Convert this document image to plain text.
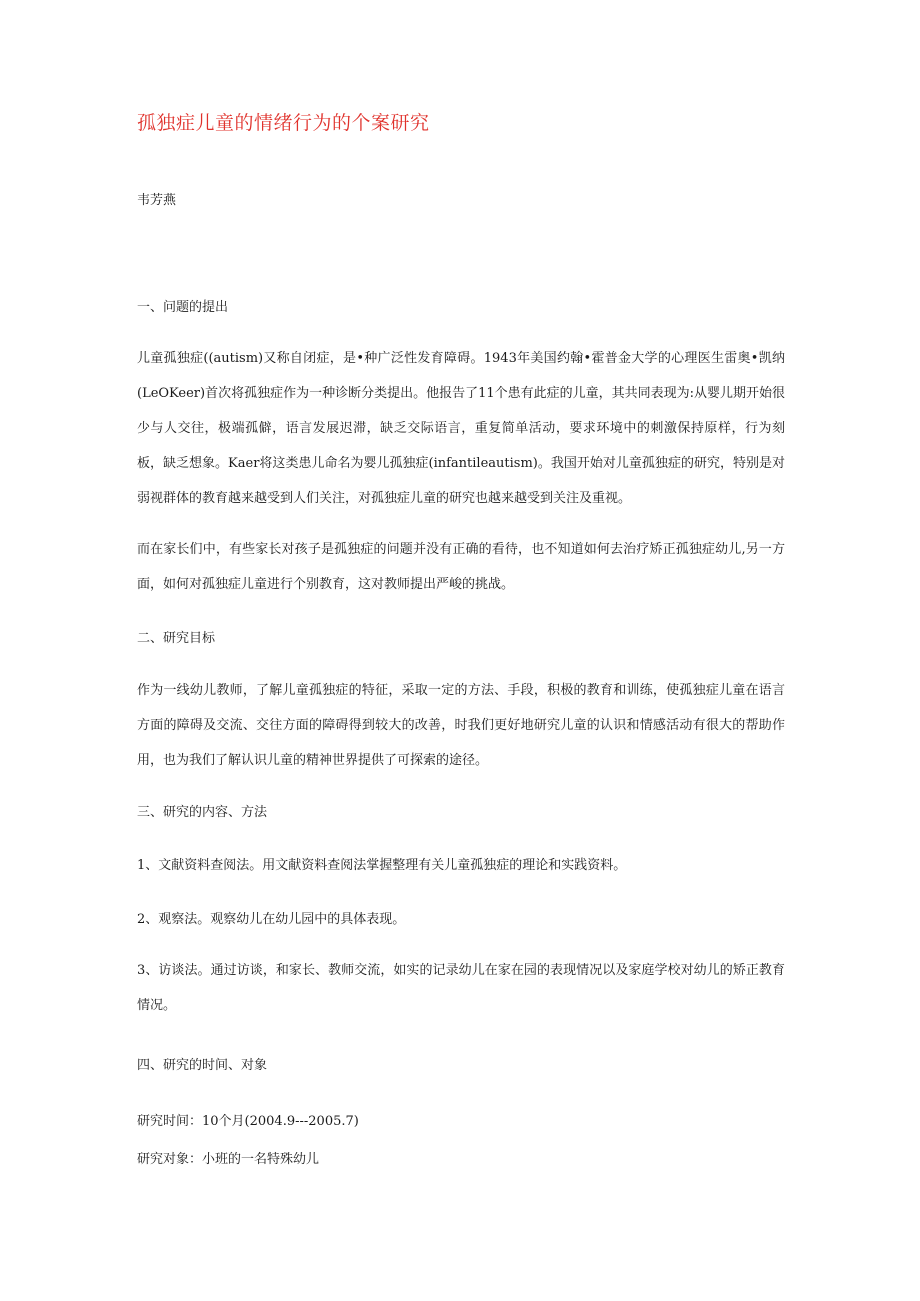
孤独症儿童的情绪行为的个案研究
韦芳燕
一、问题的提出
儿童孤独症((autism)又称自闭症，是•种广泛性发育障碍。1943年美国约翰•霍普金大学的心理医生雷奥•凯纳(LeOKeer)首次将孤独症作为一种诊断分类提出。他报告了11个患有此症的儿童，其共同表现为:从婴儿期开始很少与人交往，极端孤僻，语言发展迟滞，缺乏交际语言，重复简单活动，要求环境中的刺激保持原样，行为刻板，缺乏想象。Kaer将这类患儿命名为婴儿孤独症(infantileautism)。我国开始对儿童孤独症的研究，特别是对弱视群体的教育越来越受到人们关注，对孤独症儿童的研究也越来越受到关注及重视。
而在家长们中，有些家长对孩子是孤独症的问题并没有正确的看待，也不知道如何去治疗矫正孤独症幼儿,另一方面，如何对孤独症儿童进行个别教育，这对教师提出严峻的挑战。
二、研究目标
作为一线幼儿教师，了解儿童孤独症的特征，采取一定的方法、手段，积极的教育和训练，使孤独症儿童在语言方面的障碍及交流、交往方面的障碍得到较大的改善，时我们更好地研究儿童的认识和情感活动有很大的帮助作用，也为我们了解认识儿童的精神世界提供了可探索的途径。
三、研究的内容、方法
1、文献资料查阅法。用文献资料查阅法掌握整理有关儿童孤独症的理论和实践资料。
2、观察法。观察幼儿在幼儿园中的具体表现。
3、访谈法。通过访谈，和家长、教师交流，如实的记录幼儿在家在园的表现情况以及家庭学校对幼儿的矫正教育情况。
四、研究的时间、对象
研究时间：10个月(2004.9---2005.7)
研究对象：小班的一名特殊幼儿
